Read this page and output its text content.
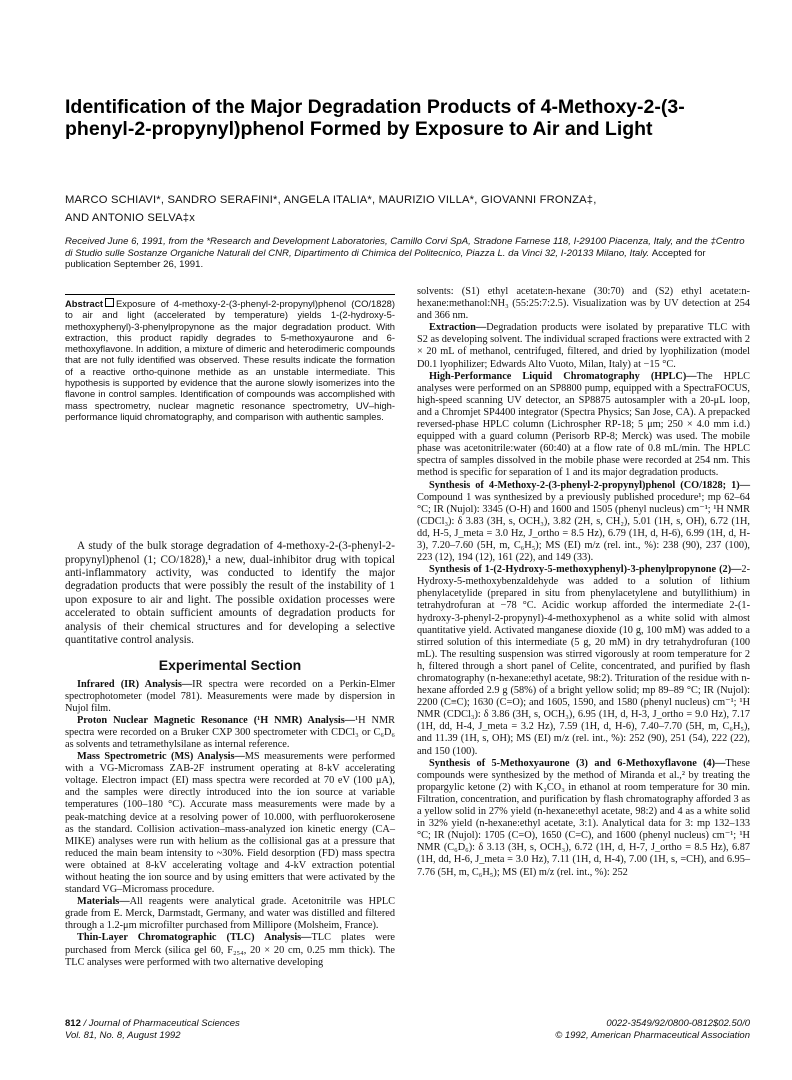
Identification of the Major Degradation Products of 4-Methoxy-2-(3-phenyl-2-propynyl)phenol Formed by Exposure to Air and Light
MARCO SCHIAVI*, SANDRO SERAFINI*, ANGELA ITALIA*, MAURIZIO VILLA*, GIOVANNI FRONZA‡,
AND ANTONIO SELVA‡x
Received June 6, 1991, from the *Research and Development Laboratories, Camillo Corvi SpA, Stradone Farnese 118, I-29100 Piacenza, Italy, and the ‡Centro di Studio sulle Sostanze Organiche Naturali del CNR, Dipartimento di Chimica del Politecnico, Piazza L. da Vinci 32, I-20133 Milano, Italy. Accepted for publication September 26, 1991.
Abstract Exposure of 4-methoxy-2-(3-phenyl-2-propynyl)phenol (CO/1828) to air and light (accelerated by temperature) yields 1-(2-hydroxy-5-methoxyphenyl)-3-phenylpropynone as the major degradation product. With extraction, this product rapidly degrades to 5-methoxyaurone and 6-methoxyflavone. In addition, a mixture of dimeric and heterodimeric compounds that are not fully identified was observed. These results indicate the formation of a reactive ortho-quinone methide as an unstable intermediate. This hypothesis is supported by evidence that the aurone slowly isomerizes into the flavone in control samples. Identification of compounds was accomplished with mass spectrometry, nuclear magnetic resonance spectrometry, UV–high-performance liquid chromatography, and comparison with authentic samples.

A study of the bulk storage degradation of 4-methoxy-2-(3-phenyl-2-propynyl)phenol (1; CO/1828),¹ a new, dual-inhibitor drug with topical anti-inflammatory activity, was conducted to identify the major degradation products that were possibly the result of the instability of 1 upon exposure to air and light. The possible oxidation processes were accelerated to obtain sufficient amounts of degradation products for analysis of their chemical structures and for developing a selective quantitative control analysis.

Experimental Section

Infrared (IR) Analysis—IR spectra were recorded on a Perkin-Elmer spectrophotometer (model 781). Measurements were made by dispersion in Nujol film.

Proton Nuclear Magnetic Resonance (¹H NMR) Analysis—¹H NMR spectra were recorded on a Bruker CXP 300 spectrometer with CDCl₃ or C₆D₆ as solvents and tetramethylsilane as internal reference.

Mass Spectrometric (MS) Analysis—MS measurements were performed with a VG-Micromass ZAB-2F instrument operating at 8-kV accelerating voltage. Electron impact (EI) mass spectra were recorded at 70 eV (100 μA), and the samples were directly introduced into the ion source at variable temperatures (100–180 °C). Accurate mass measurements were made by a peak-matching device at a resolving power of 10.000, with perfluorokerosene as the standard. Collision activation–mass-analyzed ion kinetic energy (CA–MIKE) analyses were run with helium as the collisional gas at a pressure that reduced the main beam intensity to ~30%. Field desorption (FD) mass spectra were obtained at 8-kV accelerating voltage and 4-kV extraction potential without heating the ion source and by using emitters that were activated by the standard VG–Micromass procedure.

Materials—All reagents were analytical grade. Acetonitrile was HPLC grade from E. Merck, Darmstadt, Germany, and water was distilled and filtered through a 1.2-μm microfilter purchased from Millipore (Molsheim, France).

Thin-Layer Chromatographic (TLC) Analysis—TLC plates were purchased from Merck (silica gel 60, F₂₅₄, 20 × 20 cm, 0.25 mm thick). The TLC analyses were performed with two alternative developing

solvents: (S1) ethyl acetate:n-hexane (30:70) and (S2) ethyl acetate:n-hexane:methanol:NH₃ (55:25:7:2.5). Visualization was by UV detection at 254 and 366 nm.

Extraction—Degradation products were isolated by preparative TLC with S2 as developing solvent. The individual scraped fractions were extracted with 2 × 20 mL of methanol, centrifuged, filtered, and dried by lyophilization (model D0.1 lyophilizer; Edwards Alto Vuoto, Milan, Italy) at −15 °C.

High-Performance Liquid Chromatography (HPLC)—The HPLC analyses were performed on an SP8800 pump, equipped with a SpectraFOCUS, high-speed scanning UV detector, an SP8875 autosampler with a 20-μL loop, and a Chromjet SP4400 integrator (Spectra Physics; San Jose, CA). A prepacked reversed-phase HPLC column (Lichrospher RP-18; 5 μm; 250 × 4.0 mm i.d.) equipped with a guard column (Perisorb RP-8; Merck) was used. The mobile phase was acetonitrile:water (60:40) at a flow rate of 0.8 mL/min. The HPLC spectra of samples dissolved in the mobile phase were recorded at 254 nm. This method is specific for separation of 1 and its major degradation products.

Synthesis of 4-Methoxy-2-(3-phenyl-2-propynyl)phenol (CO/1828; 1)—Compound 1 was synthesized by a previously published procedure¹; mp 62–64 °C; IR (Nujol): 3345 (O-H) and 1600 and 1505 (phenyl nucleus) cm⁻¹; ¹H NMR (CDCl₃): δ 3.83 (3H, s, OCH₃), 3.82 (2H, s, CH₂), 5.01 (1H, s, OH), 6.72 (1H, dd, H-5, J_meta = 3.0 Hz, J_ortho = 8.5 Hz), 6.79 (1H, d, H-6), 6.99 (1H, d, H-3), 7.20–7.60 (5H, m, C₆H₅); MS (EI) m/z (rel. int., %): 238 (90), 237 (100), 223 (12), 194 (12), 161 (22), and 149 (33).

Synthesis of 1-(2-Hydroxy-5-methoxyphenyl)-3-phenylpropynone (2)—2-Hydroxy-5-methoxybenzaldehyde was added to a solution of lithium phenylacetylide (prepared in situ from phenylacetylene and butyllithium) in tetrahydrofuran at −78 °C. Acidic workup afforded the intermediate 2-(1-hydroxy-3-phenyl-2-propynyl)-4-methoxyphenol as a white solid with almost quantitative yield. Activated manganese dioxide (10 g, 100 mM) was added to a stirred solution of this intermediate (5 g, 20 mM) in dry tetrahydrofuran (100 mL). The resulting suspension was stirred vigorously at room temperature for 2 h, filtered through a short panel of Celite, concentrated, and purified by flash chromatography (n-hexane:ethyl acetate, 98:2). Trituration of the residue with n-hexane afforded 2.9 g (58%) of a bright yellow solid; mp 89–89 °C; IR (Nujol): 2200 (C≡C); 1630 (C=O); and 1605, 1590, and 1580 (phenyl nucleus) cm⁻¹; ¹H NMR (CDCl₃): δ 3.86 (3H, s, OCH₃), 6.95 (1H, d, H-3, J_ortho = 9.0 Hz), 7.17 (1H, dd, H-4, J_meta = 3.2 Hz), 7.59 (1H, d, H-6), 7.40–7.70 (5H, m, C₆H₅), and 11.39 (1H, s, OH); MS (EI) m/z (rel. int., %): 252 (90), 251 (54), 222 (22), and 150 (100).

Synthesis of 5-Methoxyaurone (3) and 6-Methoxyflavone (4)—These compounds were synthesized by the method of Miranda et al.,² by treating the propargylic ketone (2) with K₂CO₃ in ethanol at room temperature for 30 min. Filtration, concentration, and purification by flash chromatography afforded 3 as a yellow solid in 27% yield (n-hexane:ethyl acetate, 98:2) and 4 as a white solid in 32% yield (n-hexane:ethyl acetate, 3:1). Analytical data for 3: mp 132–133 °C; IR (Nujol): 1705 (C=O), 1650 (C=C), and 1600 (phenyl nucleus) cm⁻¹; ¹H NMR (C₆D₆): δ 3.13 (3H, s, OCH₃), 6.72 (1H, d, H-7, J_ortho = 8.5 Hz), 6.87 (1H, dd, H-6, J_meta = 3.0 Hz), 7.11 (1H, d, H-4), 7.00 (1H, s, =CH), and 6.95–7.76 (5H, m, C₆H₅); MS (EI) m/z (rel. int., %): 252

812 / Journal of Pharmaceutical Sciences
Vol. 81, No. 8, August 1992
0022-3549/92/0800-0812$02.50/0
© 1992, American Pharmaceutical Association
